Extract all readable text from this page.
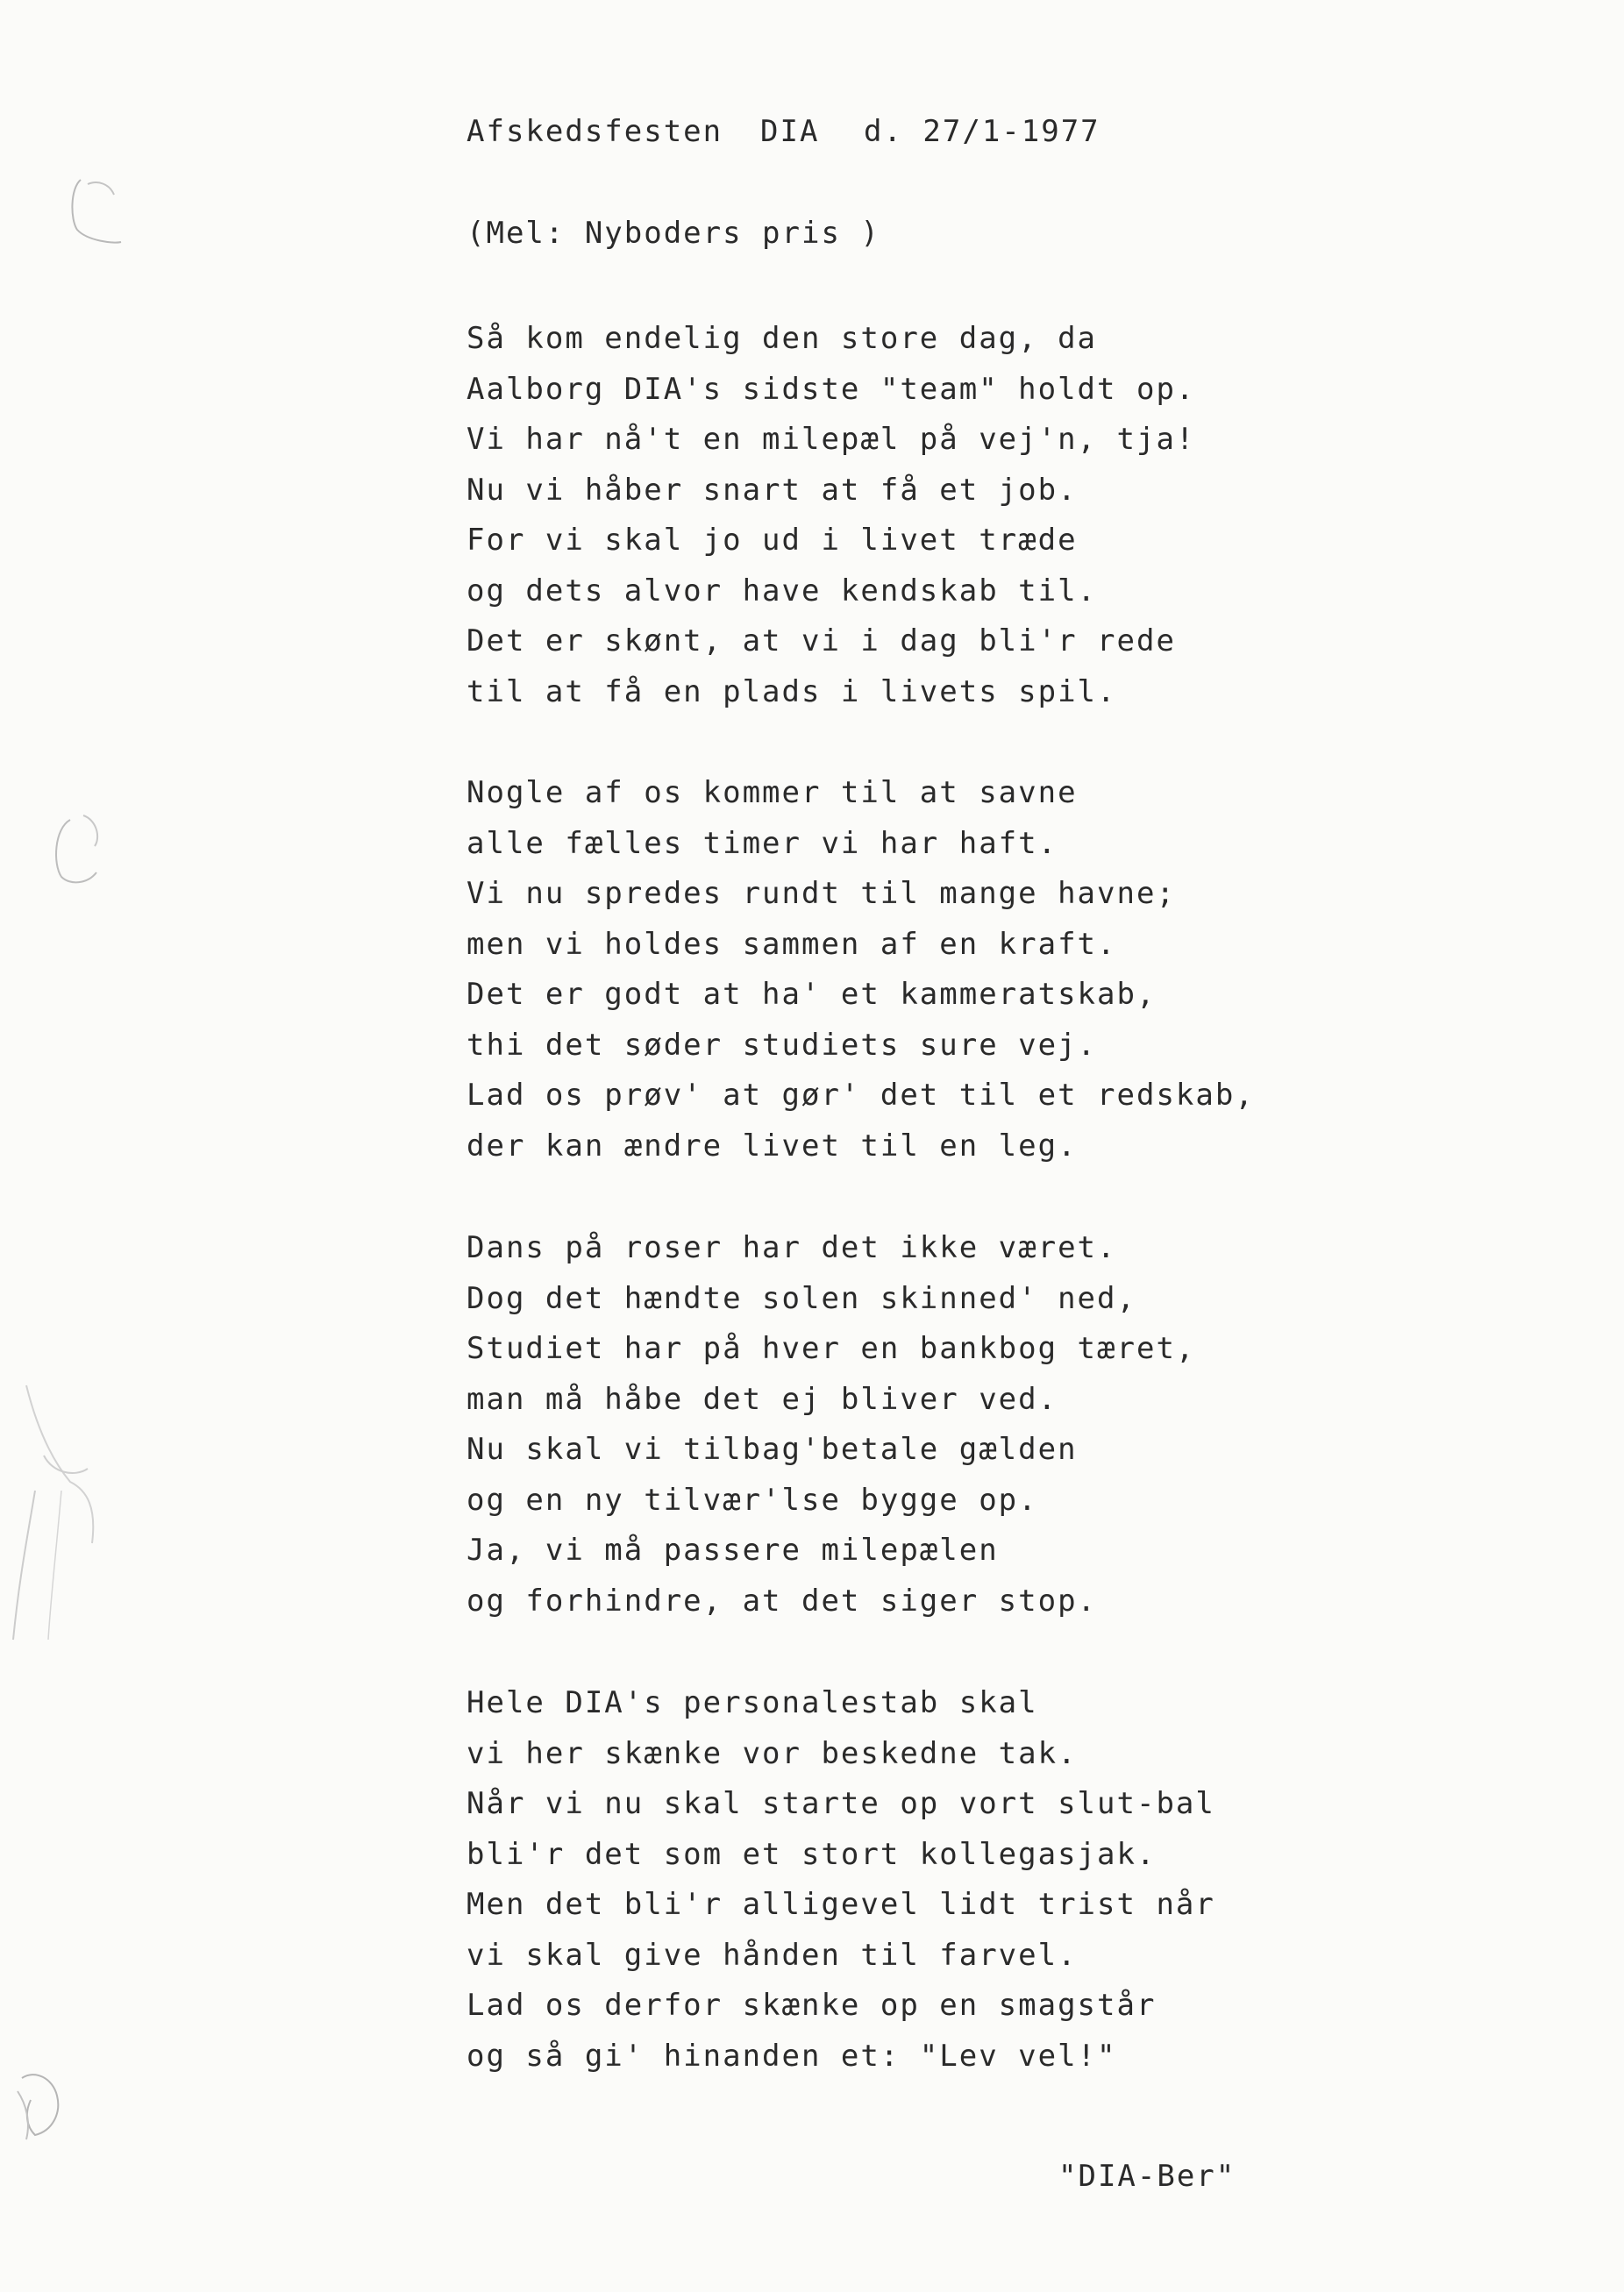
Afskedsfesten	DIA	d. 27/1-1977
(Mel: Nyboders pris )
Så kom endelig den store dag, da
Aalborg DIA's sidste "team" holdt op.
Vi har nå't en milepæl på vej'n, tja!
Nu vi håber snart at få et job.
For vi skal jo ud i livet træde
og dets alvor have kendskab til.
Det er skønt, at vi i dag bli'r rede
til at få en plads i livets spil.
Nogle af os kommer til at savne
alle fælles timer vi har haft.
Vi nu spredes rundt til mange havne;
men vi holdes sammen af en kraft.
Det er godt at ha' et kammeratskab,
thi det søder studiets sure vej.
Lad os prøv' at gør' det til et redskab,
der kan ændre livet til en leg.
Dans på roser har det ikke været.
Dog det hændte solen skinned' ned,
Studiet har på hver en bankbog tæret,
man må håbe det ej bliver ved.
Nu skal vi tilbag'betale gælden
og en ny tilvær'lse bygge op.
Ja, vi må passere milepælen
og forhindre, at det siger stop.
Hele DIA's personalestab skal
vi her skænke vor beskedne tak.
Når vi nu skal starte op vort slut-bal
bli'r det som et stort kollegasjak.
Men det bli'r alligevel lidt trist når
vi skal give hånden til farvel.
Lad os derfor skænke op en smagstår
og så gi' hinanden et: "Lev vel!"
"DIA-Ber"
